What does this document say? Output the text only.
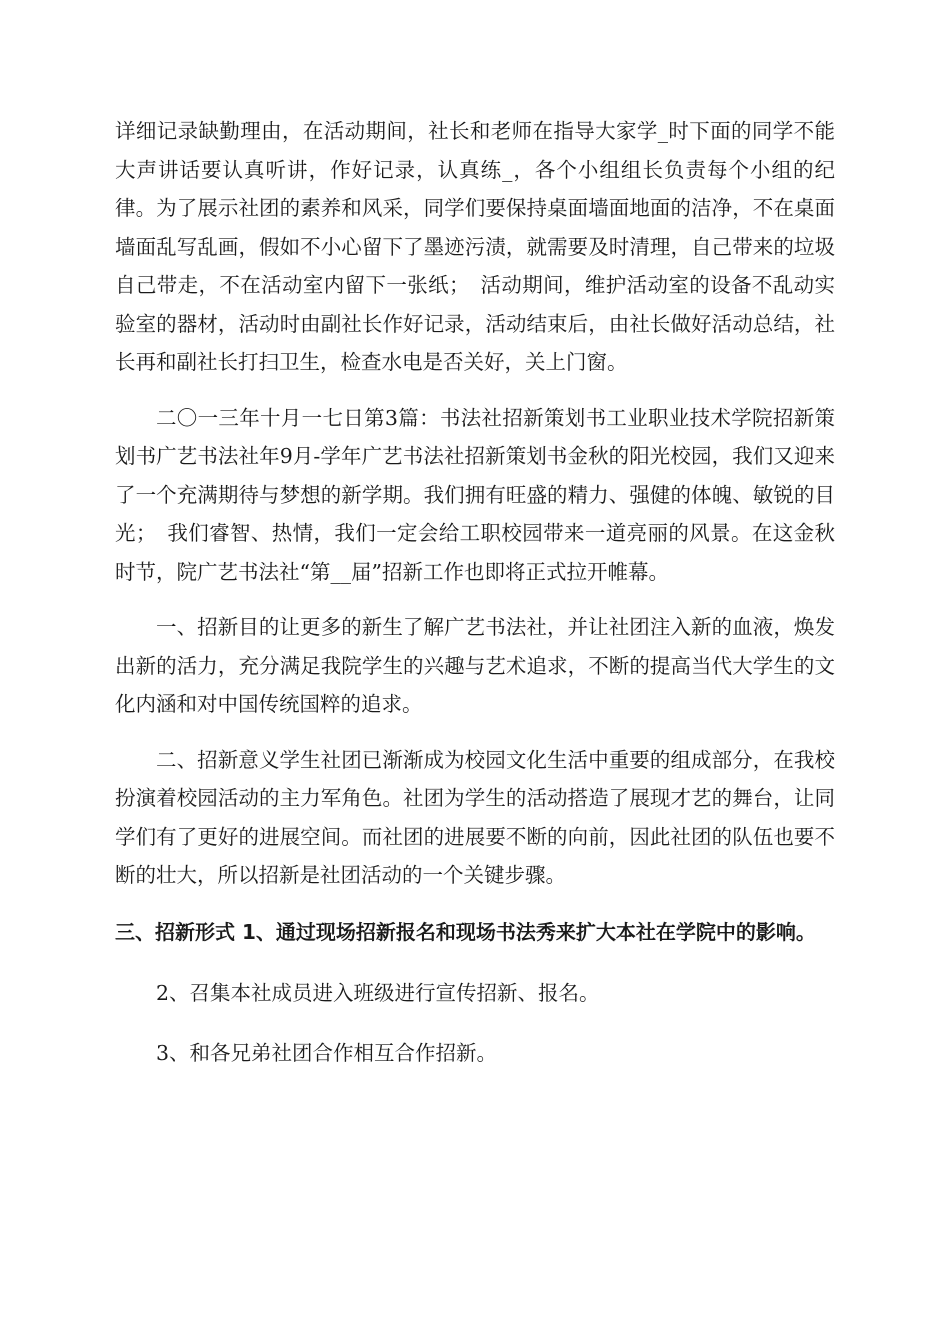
详细记录缺勤理由，在活动期间，社长和老师在指导大家学_时下面的同学不能大声讲话要认真听讲，作好记录，认真练_，各个小组组长负责每个小组的纪律。为了展示社团的素养和风采，同学们要保持桌面墙面地面的洁净，不在桌面墙面乱写乱画，假如不小心留下了墨迹污渍，就需要及时清理，自己带来的垃圾自己带走，不在活动室内留下一张纸；　活动期间，维护活动室的设备不乱动实验室的器材，活动时由副社长作好记录，活动结束后，由社长做好活动总结，社长再和副社长打扫卫生，检查水电是否关好，关上门窗。

二〇一三年十月一七日第3篇：书法社招新策划书工业职业技术学院招新策划书广艺书法社年9月-学年广艺书法社招新策划书金秋的阳光校园，我们又迎来了一个充满期待与梦想的新学期。我们拥有旺盛的精力、强健的体魄、敏锐的目光；　我们睿智、热情，我们一定会给工职校园带来一道亮丽的风景。在这金秋时节，院广艺书法社“第__届”招新工作也即将正式拉开帷幕。

一、招新目的让更多的新生了解广艺书法社，并让社团注入新的血液，焕发出新的活力，充分满足我院学生的兴趣与艺术追求，不断的提高当代大学生的文化内涵和对中国传统国粹的追求。

二、招新意义学生社团已渐渐成为校园文化生活中重要的组成部分，在我校扮演着校园活动的主力军角色。社团为学生的活动搭造了展现才艺的舞台，让同学们有了更好的进展空间。而社团的进展要不断的向前，因此社团的队伍也要不断的壮大，所以招新是社团活动的一个关键步骤。

三、招新形式 1、通过现场招新报名和现场书法秀来扩大本社在学院中的影响。

2、召集本社成员进入班级进行宣传招新、报名。

3、和各兄弟社团合作相互合作招新。
